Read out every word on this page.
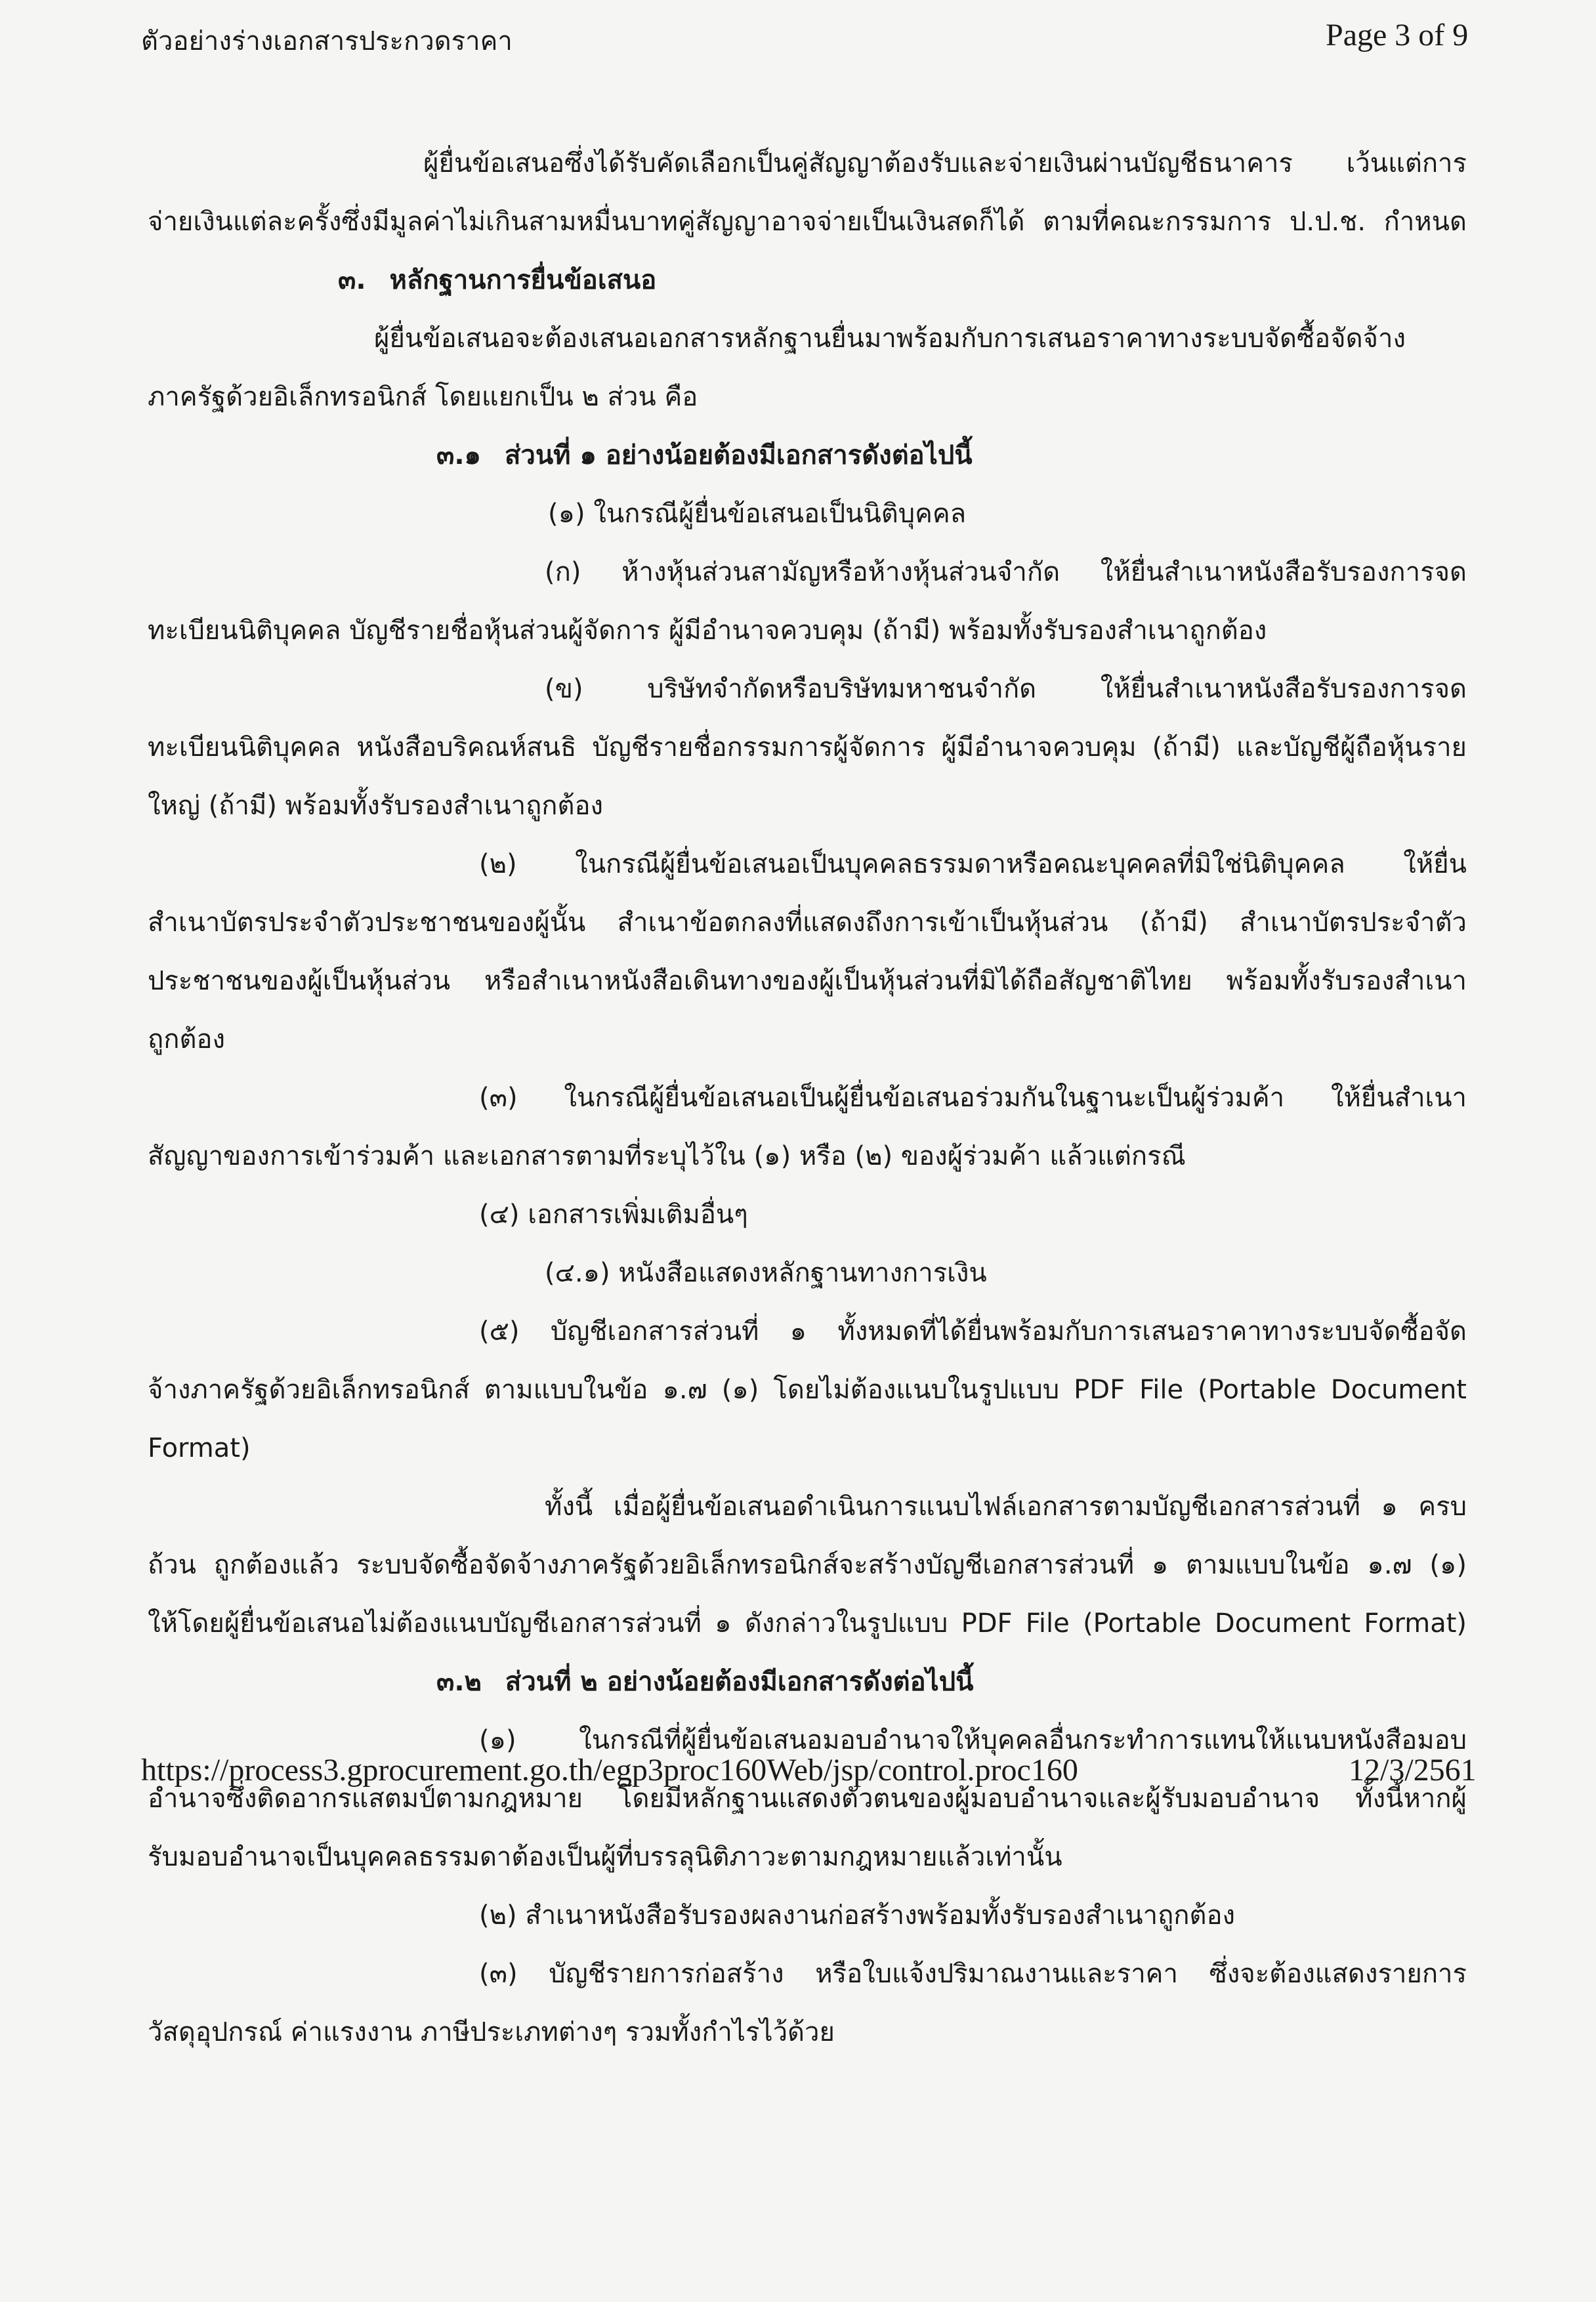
ตัวอย่างร่างเอกสารประกวดราคา	Page 3 of 9
ผู้ยื่นข้อเสนอซึ่งได้รับคัดเลือกเป็นคู่สัญญาต้องรับและจ่ายเงินผ่านบัญชีธนาคาร เว้นแต่การ
จ่ายเงินแต่ละครั้งซึ่งมีมูลค่าไม่เกินสามหมื่นบาทคู่สัญญาอาจจ่ายเป็นเงินสดก็ได้ ตามที่คณะกรรมการ ป.ป.ช. กำหนด
๓. หลักฐานการยื่นข้อเสนอ
ผู้ยื่นข้อเสนอจะต้องเสนอเอกสารหลักฐานยื่นมาพร้อมกับการเสนอราคาทางระบบจัดซื้อจัดจ้าง
ภาครัฐด้วยอิเล็กทรอนิกส์ โดยแยกเป็น ๒ ส่วน คือ
๓.๑ ส่วนที่ ๑ อย่างน้อยต้องมีเอกสารดังต่อไปนี้
(๑) ในกรณีผู้ยื่นข้อเสนอเป็นนิติบุคคล
(ก) ห้างหุ้นส่วนสามัญหรือห้างหุ้นส่วนจำกัด ให้ยื่นสำเนาหนังสือรับรองการจด
ทะเบียนนิติบุคคล บัญชีรายชื่อหุ้นส่วนผู้จัดการ ผู้มีอำนาจควบคุม (ถ้ามี) พร้อมทั้งรับรองสำเนาถูกต้อง
(ข) บริษัทจำกัดหรือบริษัทมหาชนจำกัด ให้ยื่นสำเนาหนังสือรับรองการจด
ทะเบียนนิติบุคคล หนังสือบริคณห์สนธิ บัญชีรายชื่อกรรมการผู้จัดการ ผู้มีอำนาจควบคุม (ถ้ามี) และบัญชีผู้ถือหุ้นราย
ใหญ่ (ถ้ามี) พร้อมทั้งรับรองสำเนาถูกต้อง
(๒) ในกรณีผู้ยื่นข้อเสนอเป็นบุคคลธรรมดาหรือคณะบุคคลที่มิใช่นิติบุคคล ให้ยื่น
สำเนาบัตรประจำตัวประชาชนของผู้นั้น สำเนาข้อตกลงที่แสดงถึงการเข้าเป็นหุ้นส่วน (ถ้ามี) สำเนาบัตรประจำตัว
ประชาชนของผู้เป็นหุ้นส่วน หรือสำเนาหนังสือเดินทางของผู้เป็นหุ้นส่วนที่มิได้ถือสัญชาติไทย พร้อมทั้งรับรองสำเนา
ถูกต้อง
(๓) ในกรณีผู้ยื่นข้อเสนอเป็นผู้ยื่นข้อเสนอร่วมกันในฐานะเป็นผู้ร่วมค้า ให้ยื่นสำเนา
สัญญาของการเข้าร่วมค้า และเอกสารตามที่ระบุไว้ใน (๑) หรือ (๒) ของผู้ร่วมค้า แล้วแต่กรณี
(๔) เอกสารเพิ่มเติมอื่นๆ
(๔.๑) หนังสือแสดงหลักฐานทางการเงิน
(๕) บัญชีเอกสารส่วนที่ ๑ ทั้งหมดที่ได้ยื่นพร้อมกับการเสนอราคาทางระบบจัดซื้อจัด
จ้างภาครัฐด้วยอิเล็กทรอนิกส์ ตามแบบในข้อ ๑.๗ (๑) โดยไม่ต้องแนบในรูปแบบ PDF File (Portable Document
Format)
ทั้งนี้ เมื่อผู้ยื่นข้อเสนอดำเนินการแนบไฟล์เอกสารตามบัญชีเอกสารส่วนที่ ๑ ครบ
ถ้วน ถูกต้องแล้ว ระบบจัดซื้อจัดจ้างภาครัฐด้วยอิเล็กทรอนิกส์จะสร้างบัญชีเอกสารส่วนที่ ๑ ตามแบบในข้อ ๑.๗ (๑)
ให้โดยผู้ยื่นข้อเสนอไม่ต้องแนบบัญชีเอกสารส่วนที่ ๑ ดังกล่าวในรูปแบบ PDF File (Portable Document Format)
๓.๒ ส่วนที่ ๒ อย่างน้อยต้องมีเอกสารดังต่อไปนี้
(๑) ในกรณีที่ผู้ยื่นข้อเสนอมอบอำนาจให้บุคคลอื่นกระทำการแทนให้แนบหนังสือมอบ
อำนาจซึ่งติดอากรแสตมป์ตามกฎหมาย โดยมีหลักฐานแสดงตัวตนของผู้มอบอำนาจและผู้รับมอบอำนาจ ทั้งนี้หากผู้
รับมอบอำนาจเป็นบุคคลธรรมดาต้องเป็นผู้ที่บรรลุนิติภาวะตามกฎหมายแล้วเท่านั้น
(๒) สำเนาหนังสือรับรองผลงานก่อสร้างพร้อมทั้งรับรองสำเนาถูกต้อง
(๓) บัญชีรายการก่อสร้าง หรือใบแจ้งปริมาณงานและราคา ซึ่งจะต้องแสดงรายการ
วัสดุอุปกรณ์ ค่าแรงงาน ภาษีประเภทต่างๆ รวมทั้งกำไรไว้ด้วย
https://process3.gprocurement.go.th/egp3proc160Web/jsp/control.proc160	12/3/2561
